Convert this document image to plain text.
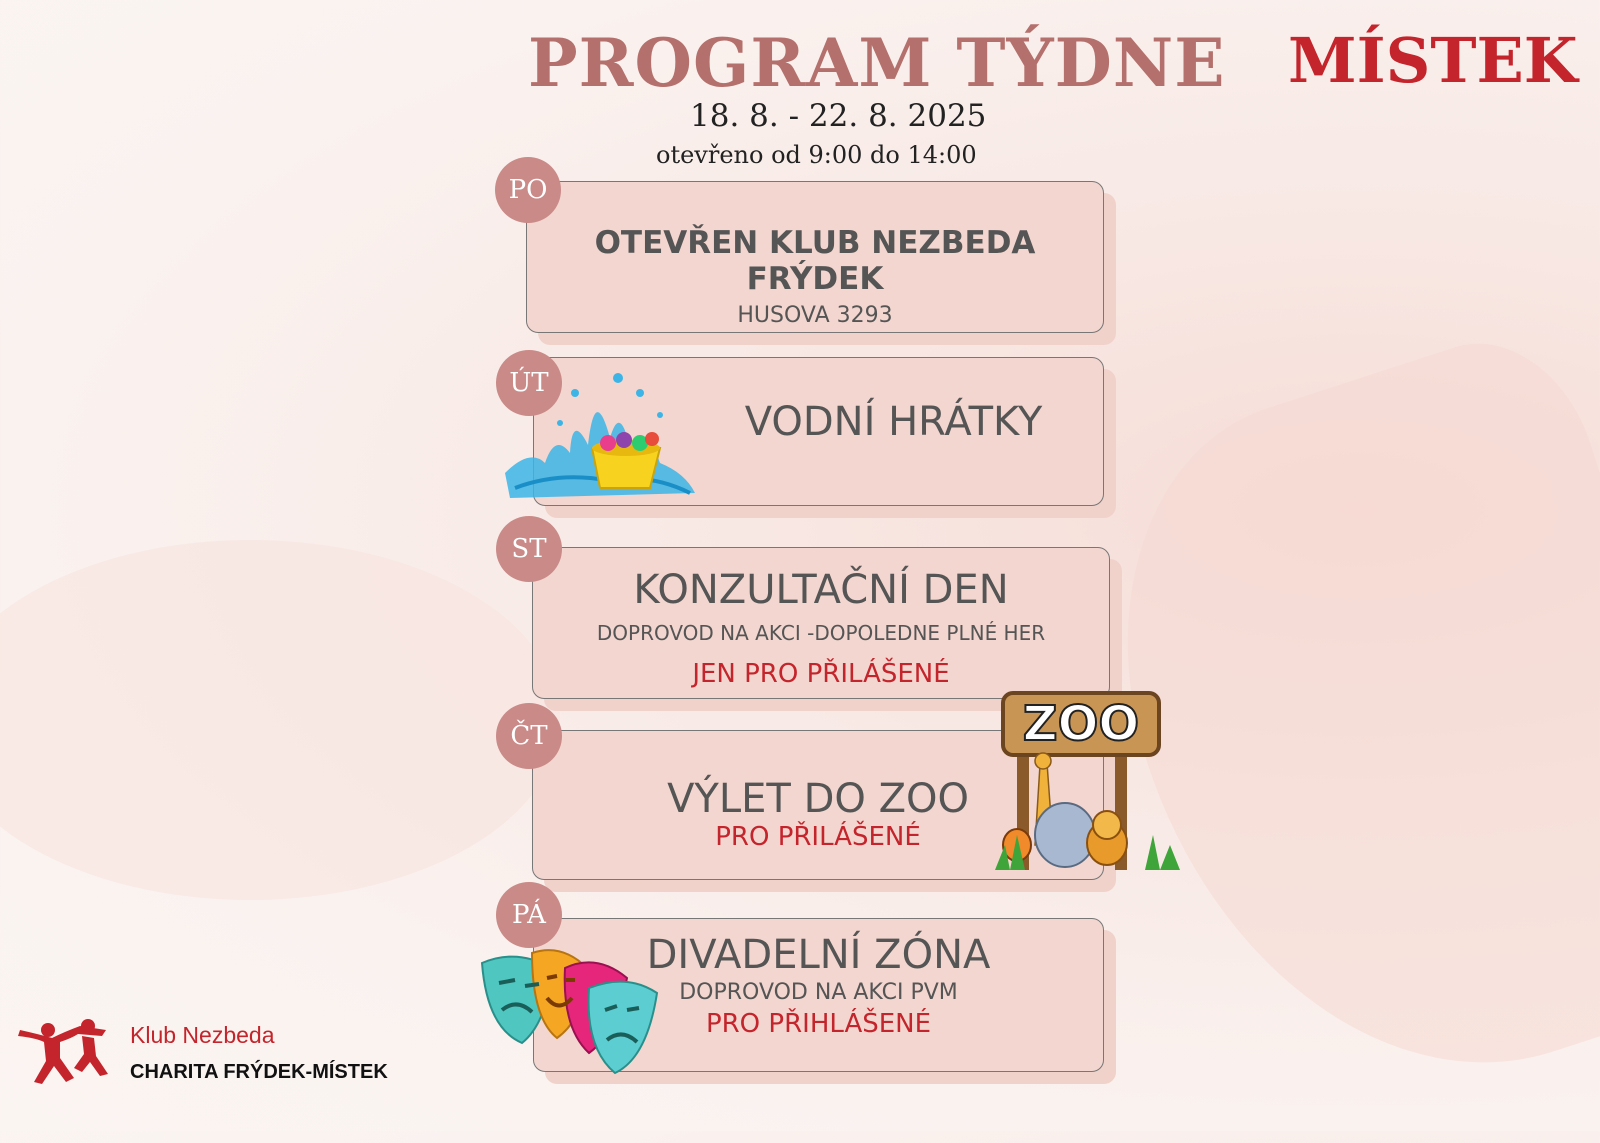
PROGRAM TÝDNE MÍSTEK
18. 8. - 22. 8. 2025
otevřeno od 9:00 do 14:00
OTEVŘEN KLUB NEZBEDA FRÝDEK
HUSOVA 3293
PO
VODNÍ HRÁTKY
ÚT
KONZULTAČNÍ DEN
DOPROVOD NA AKCI -DOPOLEDNE PLNÉ HER
JEN PRO PŘILÁŠENÉ
ST
VÝLET DO ZOO
PRO PŘILÁŠENÉ
ČT	ZOO
DIVADELNÍ ZÓNA
DOPROVOD NA AKCI PVM
PRO PŘIHLÁŠENÉ
PÁ
Klub Nezbeda
CHARITA FRÝDEK-MÍSTEK
